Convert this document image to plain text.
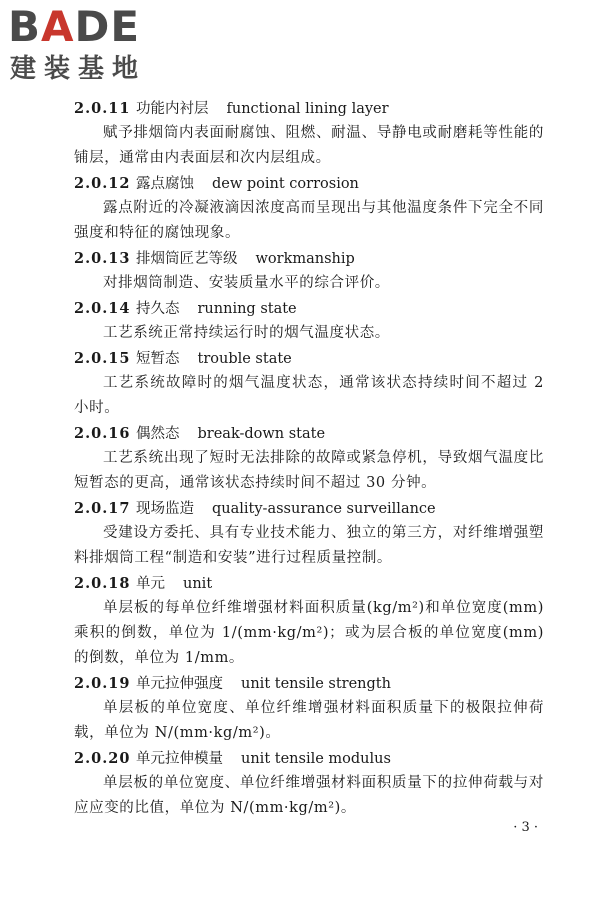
BADE
建装基地
2.0.11 功能内衬层 functional lining layer
赋予排烟筒内表面耐腐蚀、阻燃、耐温、导静电或耐磨耗等性能的铺层，通常由内表面层和次内层组成。
2.0.12 露点腐蚀 dew point corrosion
露点附近的冷凝液滴因浓度高而呈现出与其他温度条件下完全不同强度和特征的腐蚀现象。
2.0.13 排烟筒匠艺等级 workmanship
对排烟筒制造、安装质量水平的综合评价。
2.0.14 持久态 running state
工艺系统正常持续运行时的烟气温度状态。
2.0.15 短暂态 trouble state
工艺系统故障时的烟气温度状态，通常该状态持续时间不超过 2 小时。
2.0.16 偶然态 break-down state
工艺系统出现了短时无法排除的故障或紧急停机，导致烟气温度比短暂态的更高，通常该状态持续时间不超过 30 分钟。
2.0.17 现场监造 quality-assurance surveillance
受建设方委托、具有专业技术能力、独立的第三方，对纤维增强塑料排烟筒工程“制造和安装”进行过程质量控制。
2.0.18 单元 unit
单层板的每单位纤维增强材料面积质量(kg/m²)和单位宽度(mm)乘积的倒数，单位为 1/(mm·kg/m²)；或为层合板的单位宽度(mm)的倒数，单位为 1/mm。
2.0.19 单元拉伸强度 unit tensile strength
单层板的单位宽度、单位纤维增强材料面积质量下的极限拉伸荷载，单位为 N/(mm·kg/m²)。
2.0.20 单元拉伸模量 unit tensile modulus
单层板的单位宽度、单位纤维增强材料面积质量下的拉伸荷载与对应应变的比值，单位为 N/(mm·kg/m²)。
· 3 ·
